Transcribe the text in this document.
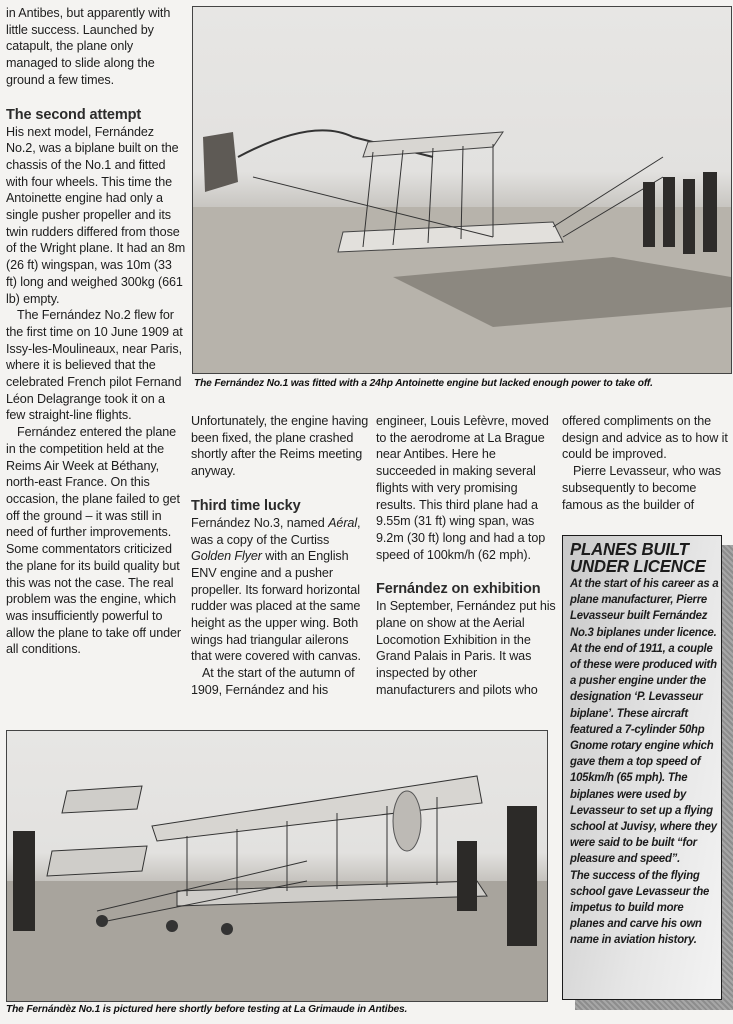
in Antibes, but apparently with little success. Launched by catapult, the plane only managed to slide along the ground a few times.

The second attempt

His next model, Fernández No.2, was a biplane built on the chassis of the No.1 and fitted with four wheels. This time the Antoinette engine had only a single pusher propeller and its twin rudders differed from those of the Wright plane. It had an 8m (26 ft) wingspan, was 10m (33 ft) long and weighed 300kg (661 lb) empty.

The Fernández No.2 flew for the first time on 10 June 1909 at Issy-les-Moulineaux, near Paris, where it is believed that the celebrated French pilot Fernand Léon Delagrange took it on a few straight-line flights.

Fernández entered the plane in the competition held at the Reims Air Week at Béthany, north-east France. On this occasion, the plane failed to get off the ground – it was still in need of further improvements. Some commentators criticized the plane for its build quality but this was not the case. The real problem was the engine, which was insufficiently powerful to allow the plane to take off under all conditions.

The Fernández No.1 was fitted with a 24hp Antoinette engine but lacked enough power to take off.

Unfortunately, the engine having been fixed, the plane crashed shortly after the Reims meeting anyway.

Third time lucky

Fernández No.3, named Aéral, was a copy of the Curtiss Golden Flyer with an English ENV engine and a pusher propeller. Its forward horizontal rudder was placed at the same height as the upper wing. Both wings had triangular ailerons that were covered with canvas.

At the start of the autumn of 1909, Fernández and his

engineer, Louis Lefèvre, moved to the aerodrome at La Brague near Antibes. Here he succeeded in making several flights with very promising results. This third plane had a 9.55m (31 ft) wing span, was 9.2m (30 ft) long and had a top speed of 100km/h (62 mph).

Fernández on exhibition

In September, Fernández put his plane on show at the Aerial Locomotion Exhibition in the Grand Palais in Paris. It was inspected by other manufacturers and pilots who

offered compliments on the design and advice as to how it could be improved.

Pierre Levasseur, who was subsequently to become famous as the builder of

PLANES BUILT UNDER LICENCE
At the start of his career as a plane manufacturer, Pierre Levasseur built Fernández No.3 biplanes under licence. At the end of 1911, a couple of these were produced with a pusher engine under the designation ‘P. Levasseur biplane’. These aircraft featured a 7-cylinder 50hp Gnome rotary engine which gave them a top speed of 105km/h (65 mph). The biplanes were used by Levasseur to set up a flying school at Juvisy, where they were said to be built “for pleasure and speed”.
The success of the flying school gave Levasseur the impetus to build more planes and carve his own name in aviation history.
The Fernándèz No.1 is pictured here shortly before testing at La Grimaude in Antibes.
